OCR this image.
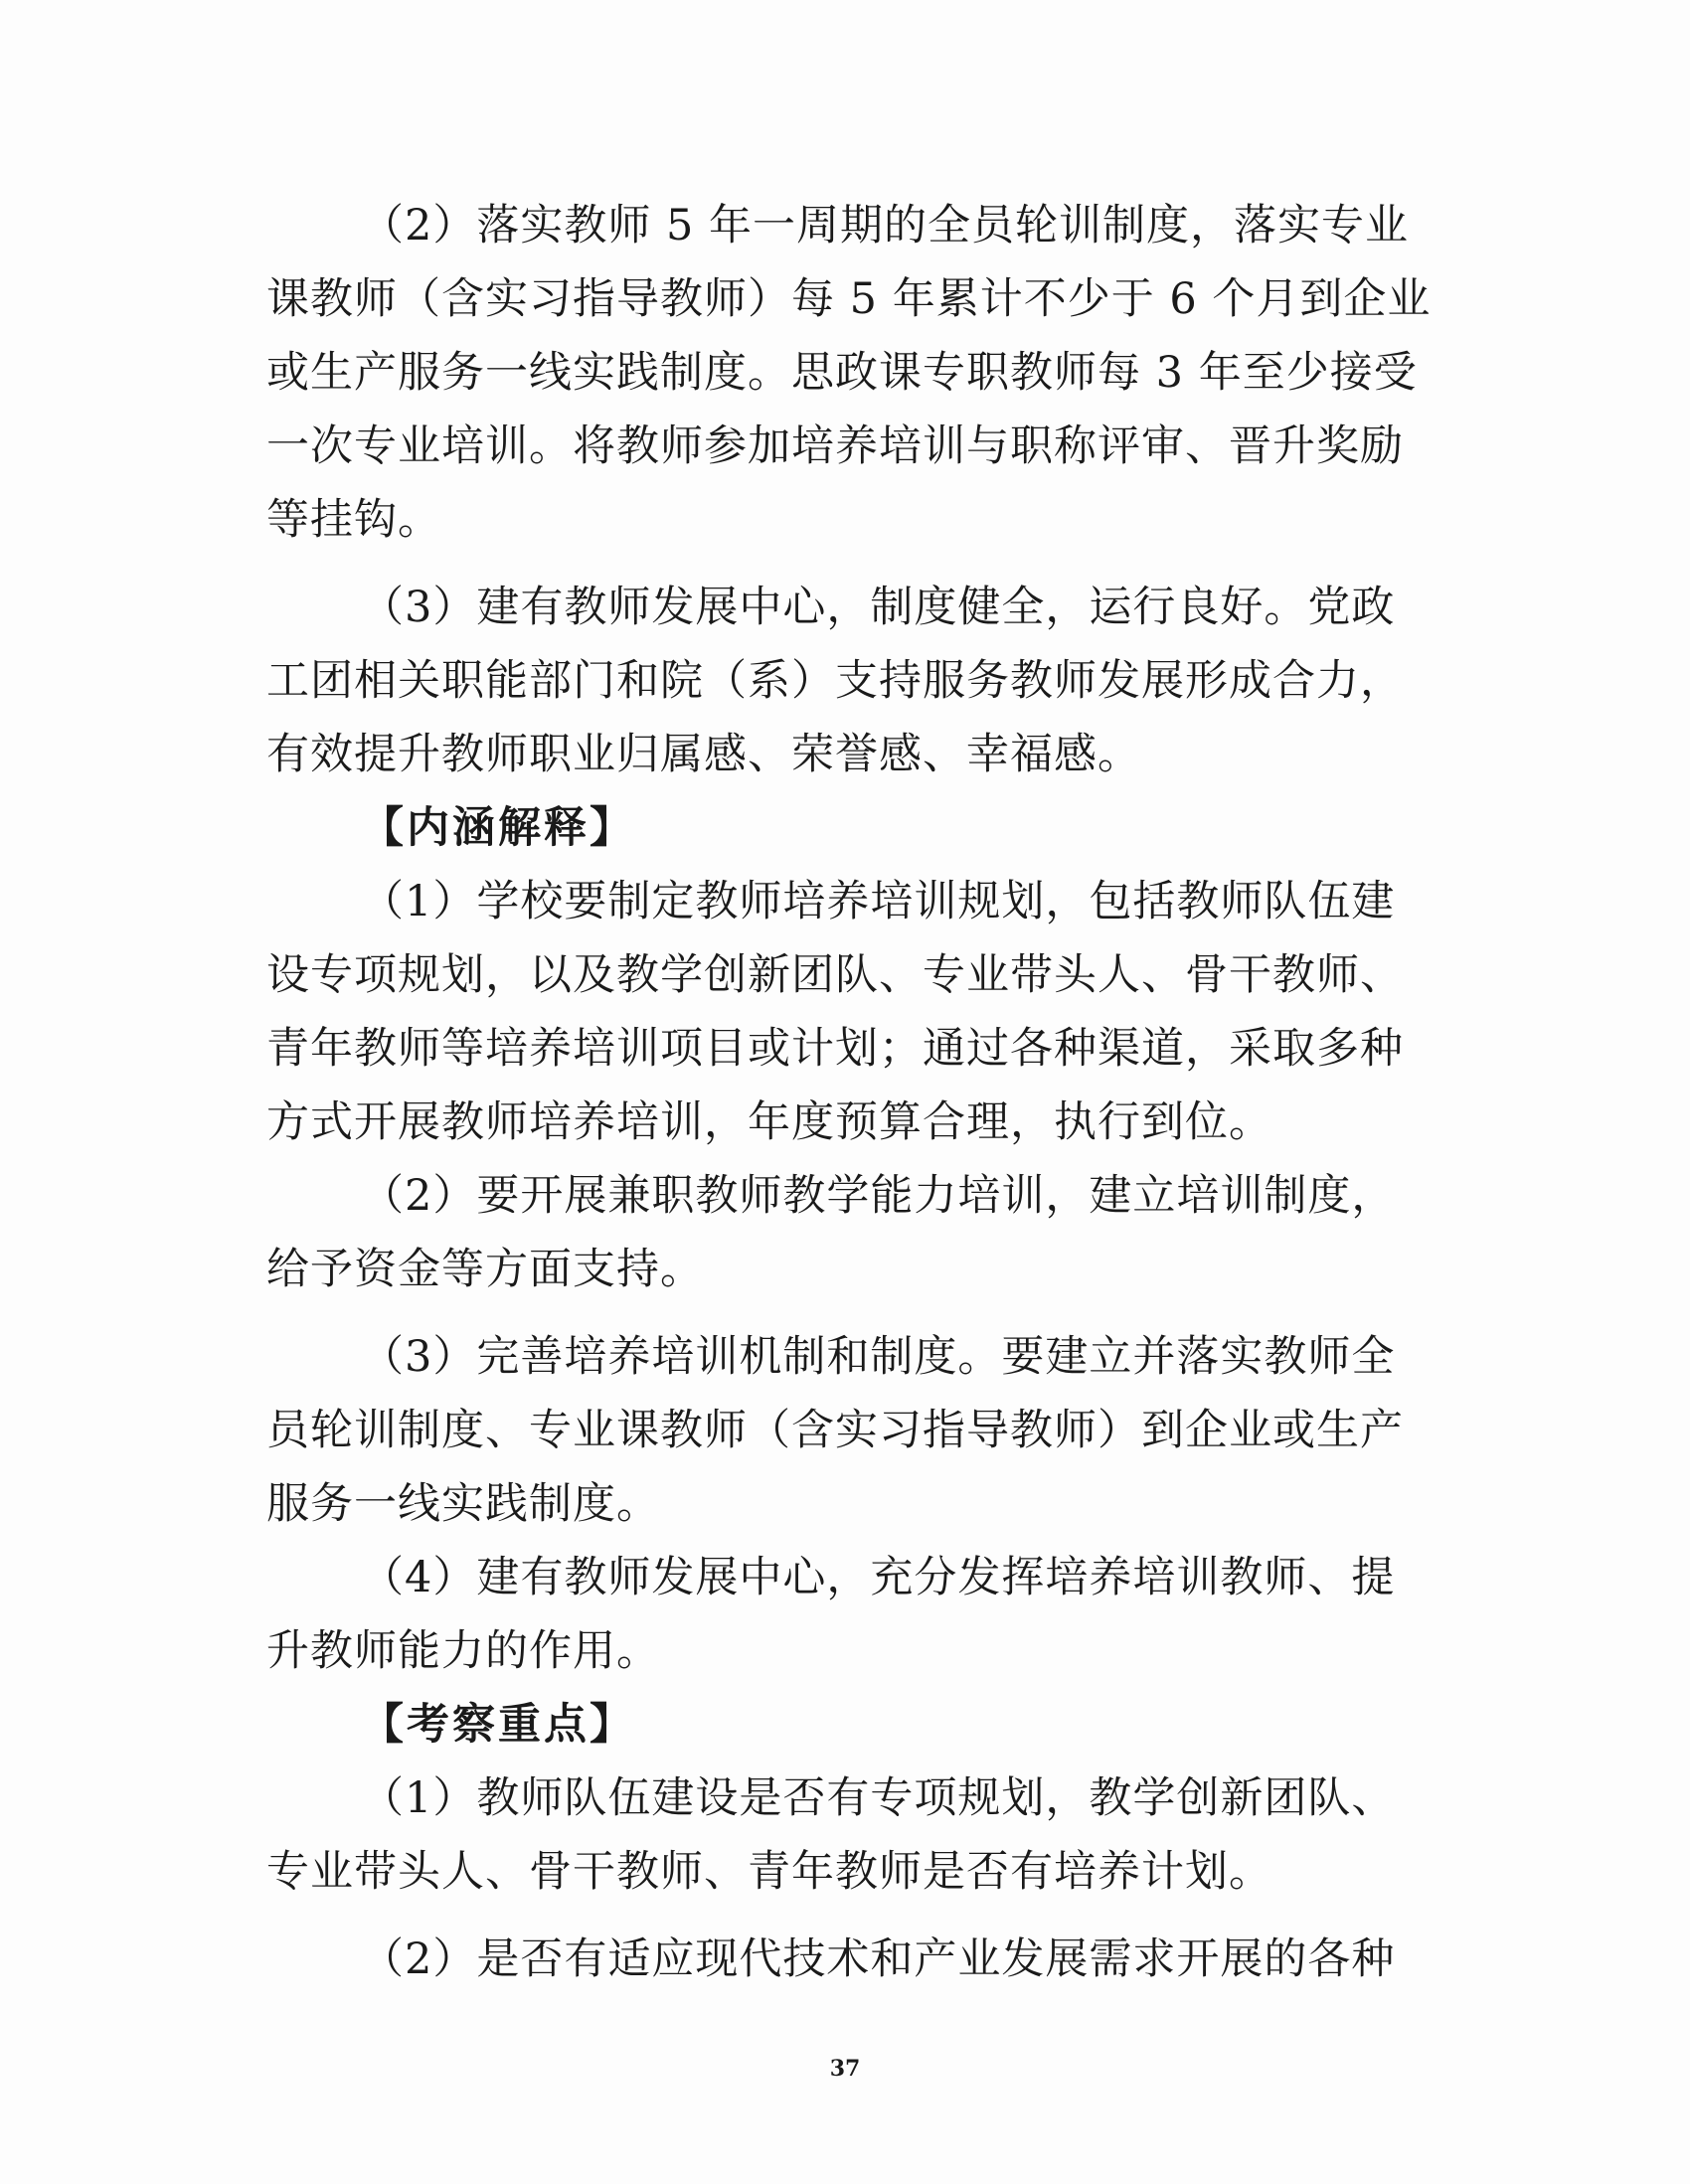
（2）落实教师 5 年一周期的全员轮训制度，落实专业
课教师（含实习指导教师）每 5 年累计不少于 6 个月到企业
或生产服务一线实践制度。思政课专职教师每 3 年至少接受
一次专业培训。将教师参加培养培训与职称评审、晋升奖励
等挂钩。
（3）建有教师发展中心，制度健全，运行良好。党政
工团相关职能部门和院（系）支持服务教师发展形成合力，
有效提升教师职业归属感、荣誉感、幸福感。
【内涵解释】
（1）学校要制定教师培养培训规划，包括教师队伍建
设专项规划，以及教学创新团队、专业带头人、骨干教师、
青年教师等培养培训项目或计划；通过各种渠道，采取多种
方式开展教师培养培训，年度预算合理，执行到位。
（2）要开展兼职教师教学能力培训，建立培训制度，
给予资金等方面支持。
（3）完善培养培训机制和制度。要建立并落实教师全
员轮训制度、专业课教师（含实习指导教师）到企业或生产
服务一线实践制度。
（4）建有教师发展中心，充分发挥培养培训教师、提
升教师能力的作用。
【考察重点】
（1）教师队伍建设是否有专项规划，教学创新团队、
专业带头人、骨干教师、青年教师是否有培养计划。
（2）是否有适应现代技术和产业发展需求开展的各种
37
